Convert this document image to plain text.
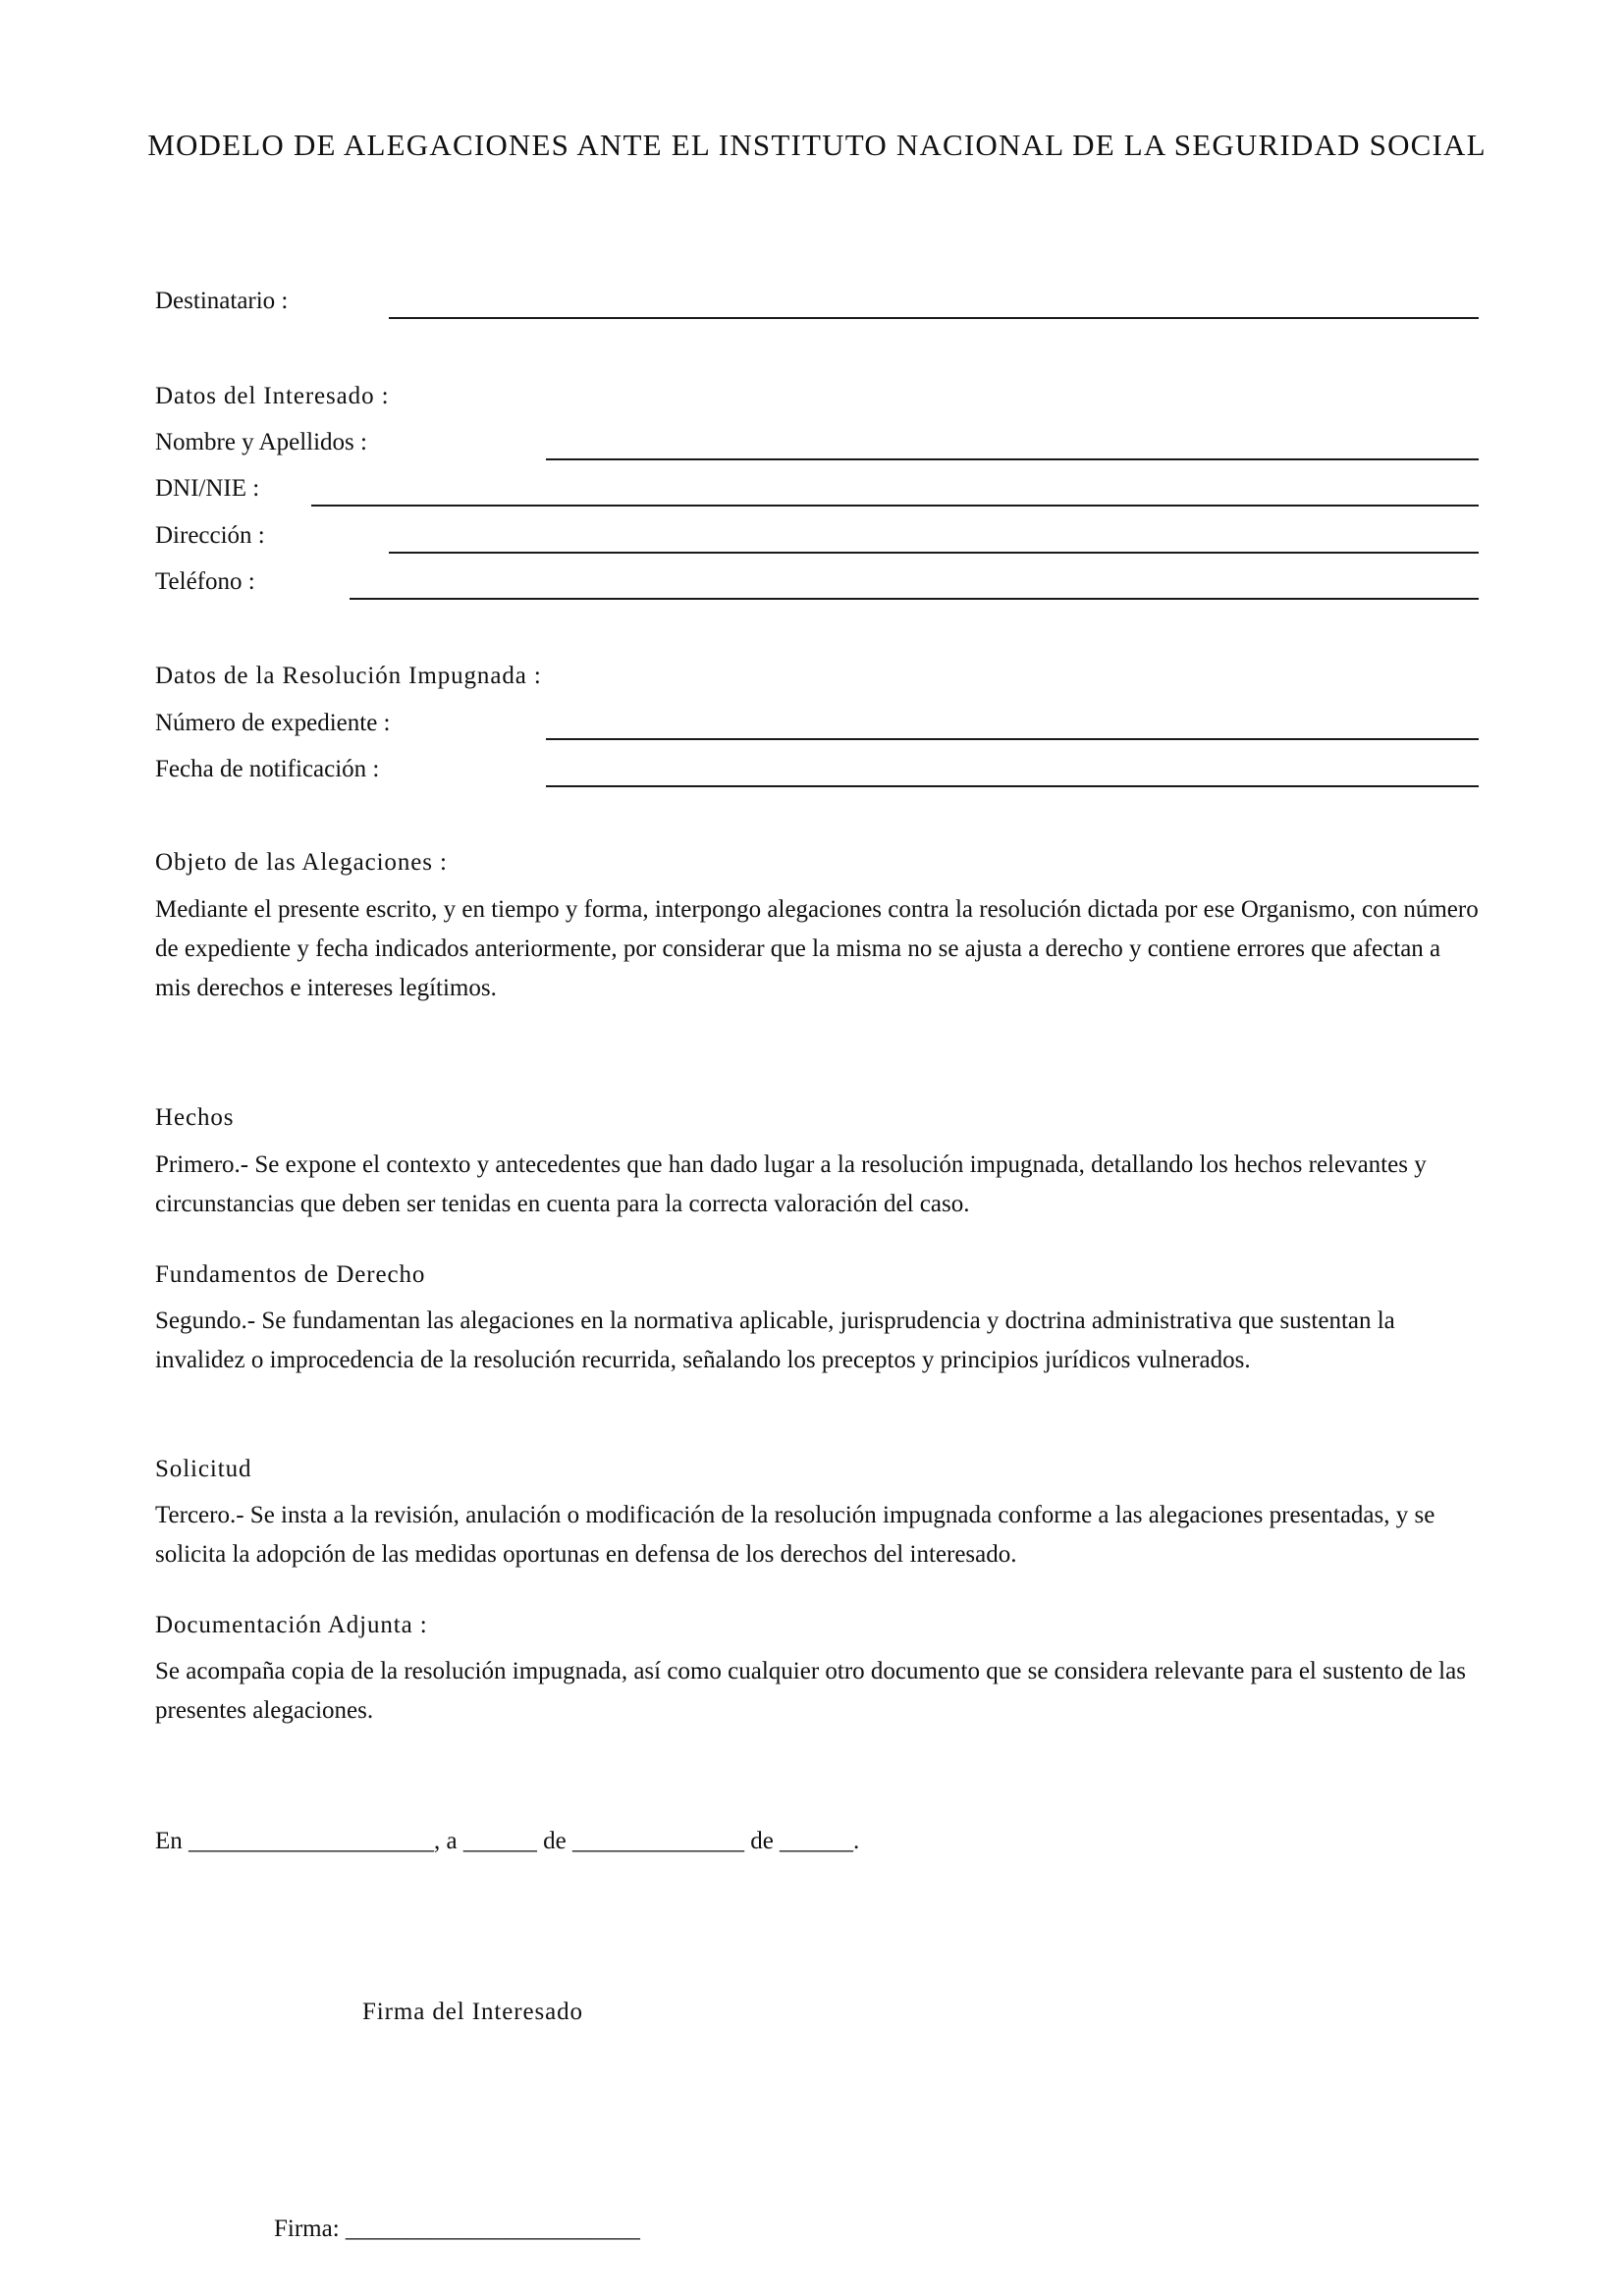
MODELO DE ALEGACIONES ANTE EL INSTITUTO NACIONAL DE LA SEGURIDAD SOCIAL
Destinatario :
Datos del Interesado :
Nombre y Apellidos :
DNI/NIE :
Dirección :
Teléfono :
Datos de la Resolución Impugnada :
Número de expediente :
Fecha de notificación :
Objeto de las Alegaciones :

Mediante el presente escrito, y en tiempo y forma, interpongo alegaciones contra la resolución dictada por ese Organismo, con número de expediente y fecha indicados anteriormente, por considerar que la misma no se ajusta a derecho y contiene errores que afectan a mis derechos e intereses legítimos.

Hechos

Primero.- Se expone el contexto y antecedentes que han dado lugar a la resolución impugnada, detallando los hechos relevantes y circunstancias que deben ser tenidas en cuenta para la correcta valoración del caso.

Fundamentos de Derecho

Segundo.- Se fundamentan las alegaciones en la normativa aplicable, jurisprudencia y doctrina administrativa que sustentan la invalidez o improcedencia de la resolución recurrida, señalando los preceptos y principios jurídicos vulnerados.

Solicitud

Tercero.- Se insta a la revisión, anulación o modificación de la resolución impugnada conforme a las alegaciones presentadas, y se solicita la adopción de las medidas oportunas en defensa de los derechos del interesado.

Documentación Adjunta :

Se acompaña copia de la resolución impugnada, así como cualquier otro documento que se considera relevante para el sustento de las presentes alegaciones.

En ____________________, a ______ de ______________ de ______.
Firma del Interesado
Firma: ________________________
